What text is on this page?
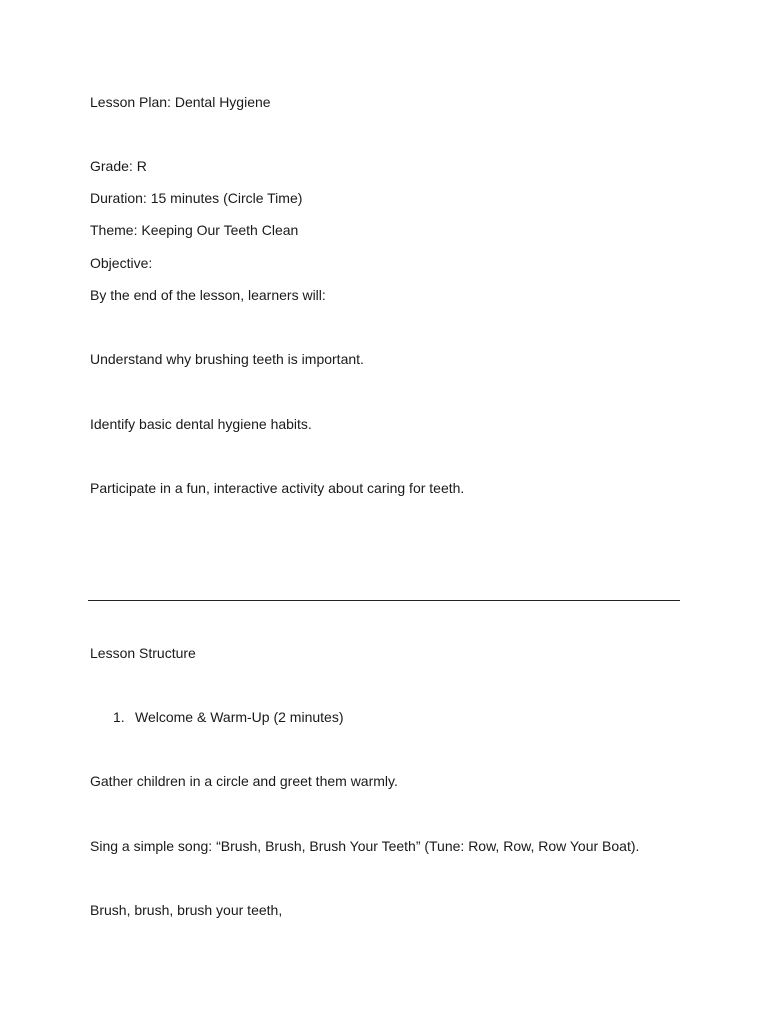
Lesson Plan: Dental Hygiene

Grade: R

Duration: 15 minutes (Circle Time)

Theme: Keeping Our Teeth Clean

Objective:

By the end of the lesson, learners will:

Understand why brushing teeth is important.

Identify basic dental hygiene habits.

Participate in a fun, interactive activity about caring for teeth.

Lesson Structure

1. Welcome & Warm-Up (2 minutes)

Gather children in a circle and greet them warmly.

Sing a simple song: “Brush, Brush, Brush Your Teeth” (Tune: Row, Row, Row Your Boat).

Brush, brush, brush your teeth,
